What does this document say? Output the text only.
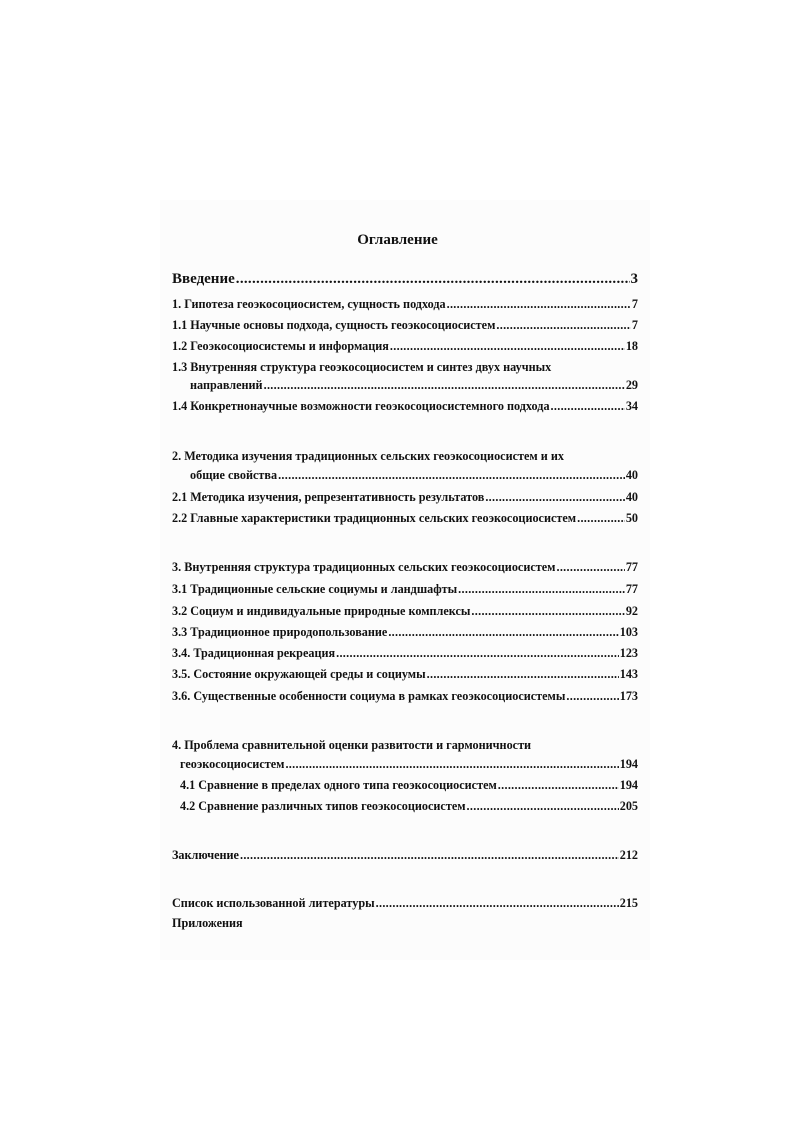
Оглавление
Введение .....	3
1. Гипотеза геоэкосоциосистем, сущность подхода .....	7
1.1 Научные основы подхода, сущность геоэкосоциосистем .....	7
1.2 Геоэкосоциосистемы и информация .....	18
1.3 Внутренняя структура геоэкосоциосистем и синтез двух научных
направлений .....	29
1.4 Конкретнонаучные возможности геоэкосоциосистемного подхода .....	34
2. Методика изучения традиционных сельских геоэкосоциосистем и их
общие свойства .....	40
2.1 Методика изучения, репрезентативность результатов .....	40
2.2 Главные характеристики традиционных сельских геоэкосоциосистем .....	50
3. Внутренняя структура традиционных сельских геоэкосоциосистем .....	77
3.1 Традиционные сельские социумы и ландшафты .....	77
3.2 Социум и индивидуальные природные комплексы .....	92
3.3 Традиционное природопользование .....	103
3.4. Традиционная рекреация .....	123
3.5. Состояние окружающей среды и социумы .....	143
3.6. Существенные особенности социума в рамках геоэкосоциосистемы .....	173
4. Проблема сравнительной оценки развитости и гармоничности
геоэкосоциосистем .....	194
4.1 Сравнение в пределах одного типа геоэкосоциосистем .....	194
4.2 Сравнение различных типов геоэкосоциосистем .....	205
Заключение .....	212
Список использованной литературы .....	215
Приложения
